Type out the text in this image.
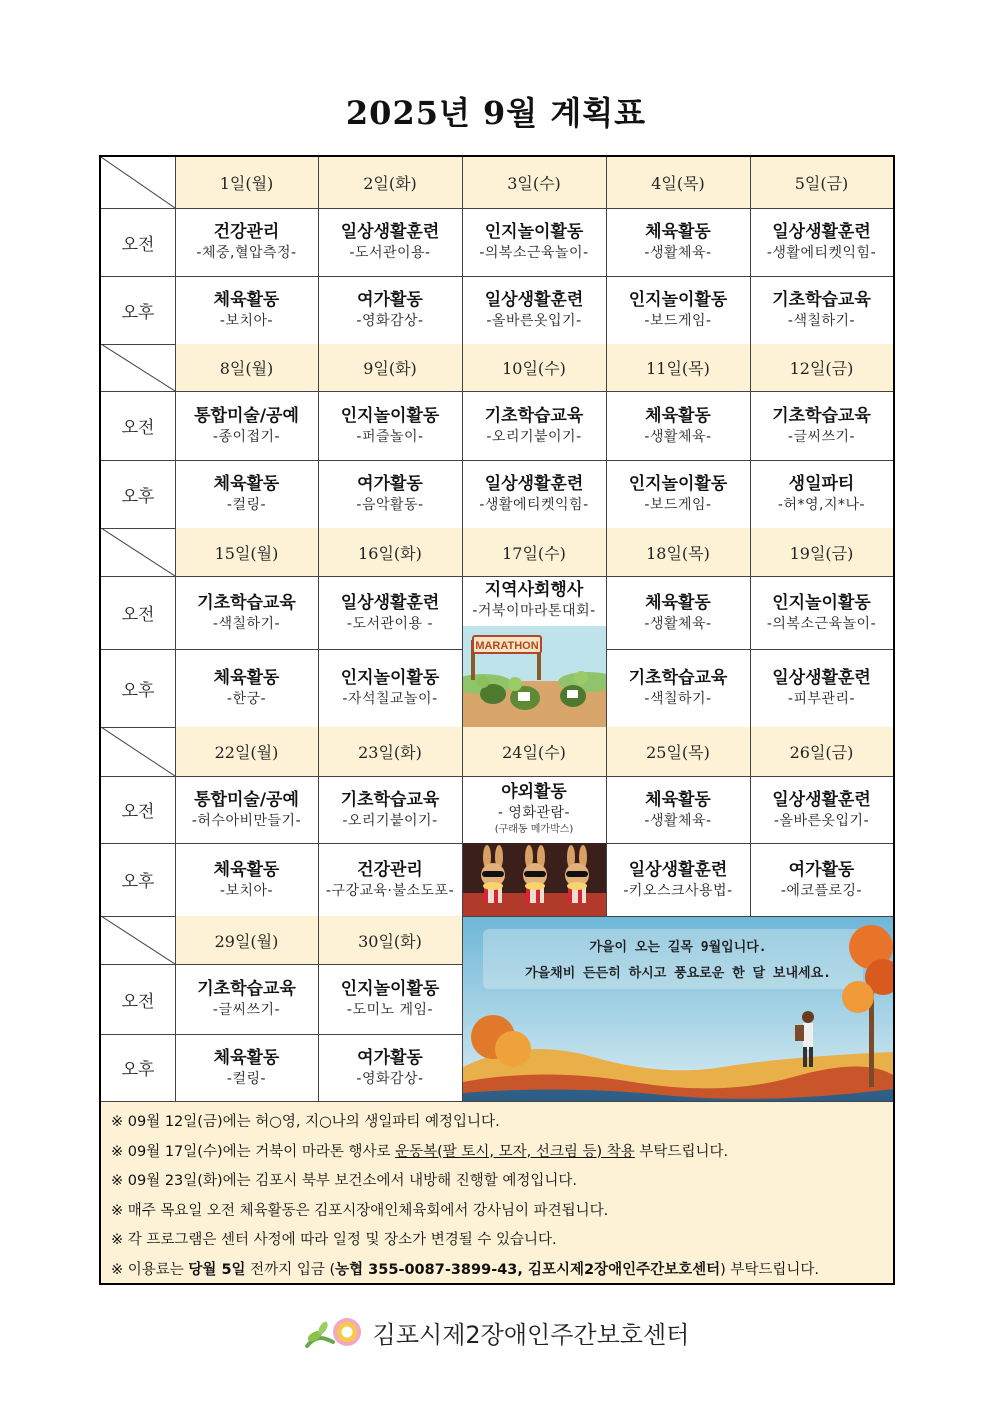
2025년 9월 계획표
오전
오후
1일(월)
건강관리
-체중,혈압측정-
체육활동
-보치아-
2일(화)
일상생활훈련
-도서관이용-
여가활동
-영화감상-
3일(수)
인지놀이활동
-의복소근육놀이-
일상생활훈련
-올바른옷입기-
4일(목)
체육활동
-생활체육-
인지놀이활동
-보드게임-
5일(금)
일상생활훈련
-생활에티켓익힘-
기초학습교육
-색칠하기-
오전
오후
8일(월)
통합미술/공예
-종이접기-
체육활동
-컬링-
9일(화)
인지놀이활동
-퍼즐놀이-
여가활동
-음악활동-
10일(수)
기초학습교육
-오리기붙이기-
일상생활훈련
-생활에티켓익힘-
11일(목)
체육활동
-생활체육-
인지놀이활동
-보드게임-
12일(금)
기초학습교육
-글씨쓰기-
생일파티
-허*영,지*나-
오전
오후
15일(월)
기초학습교육
-색칠하기-
체육활동
-한궁-
16일(화)
일상생활훈련
-도서관이용 -
인지놀이활동
-자석칠교놀이-
17일(수)
지역사회행사
-거북이마라톤대회-
18일(목)
체육활동
-생활체육-
기초학습교육
-색칠하기-
19일(금)
인지놀이활동
-의복소근육놀이-
일상생활훈련
-피부관리-
오전
오후
22일(월)
통합미술/공예
-허수아비만들기-
체육활동
-보치아-
23일(화)
기초학습교육
-오리기붙이기-
건강관리
-구강교육·불소도포-
24일(수)
야외활동
- 영화관람-
(구래동 메가박스)
25일(목)
체육활동
-생활체육-
일상생활훈련
-키오스크사용법-
26일(금)
일상생활훈련
-올바른옷입기-
여가활동
-에코플로깅-
오전
오후
29일(월)
기초학습교육
-글씨쓰기-
체육활동
-컬링-
30일(화)
인지놀이활동
-도미노 게임-
여가활동
-영화감상-
MARATHON
가을이 오는 길목 9월입니다.
가을채비 든든히 하시고 풍요로운 한 달 보내세요.
※ 09월 12일(금)에는 허○영, 지○나의 생일파티 예정입니다.
※ 09월 17일(수)에는 거북이 마라톤 행사로 운동복(팔 토시, 모자, 선크림 등) 착용 부탁드립니다.
※ 09월 23일(화)에는 김포시 북부 보건소에서 내방해 진행할 예정입니다.
※ 매주 목요일 오전 체육활동은 김포시장애인체육회에서 강사님이 파견됩니다.
※ 각 프로그램은 센터 사정에 따라 일정 및 장소가 변경될 수 있습니다.
※ 이용료는 당월 5일 전까지 입금 (농협 355-0087-3899-43, 김포시제2장애인주간보호센터) 부탁드립니다.
김포시제2장애인주간보호센터
